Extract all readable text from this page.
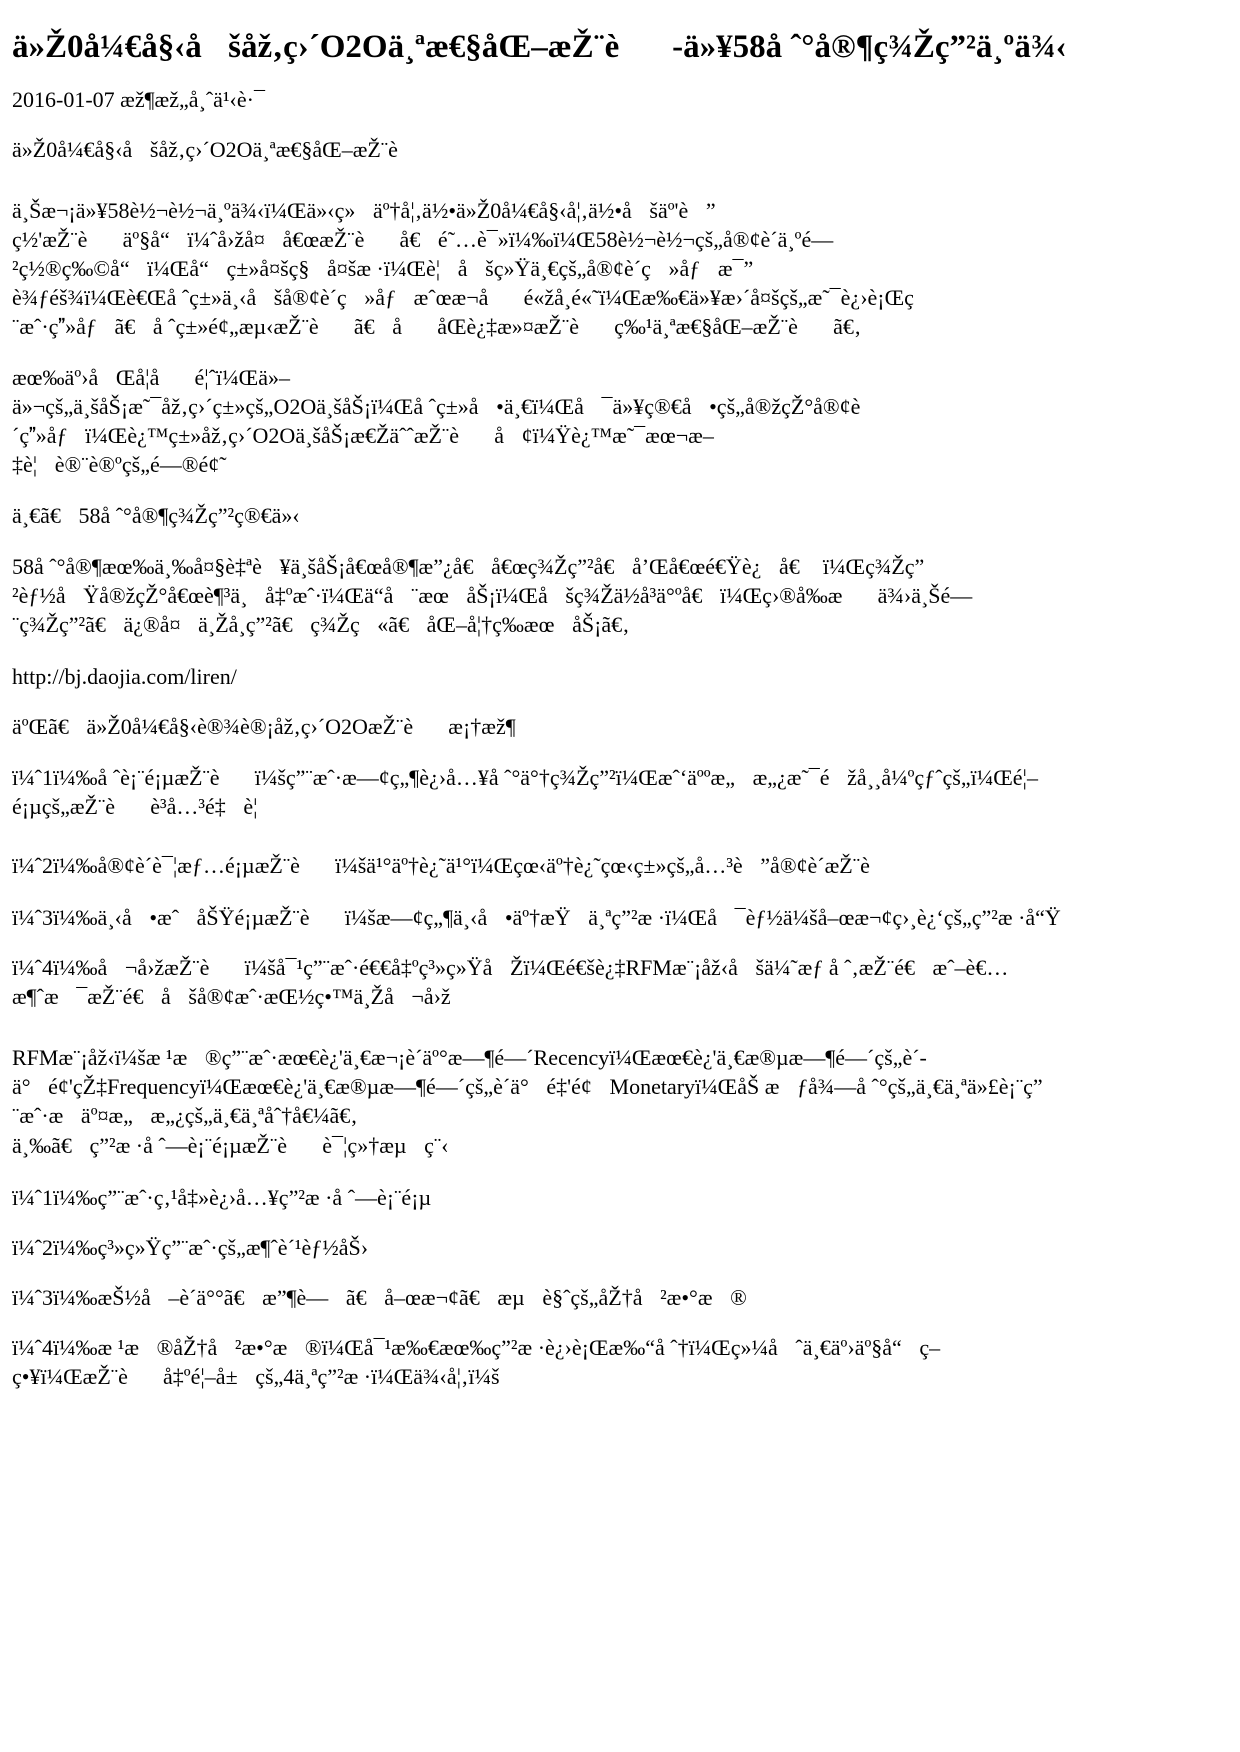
ä»Ž0å¼€å§‹åšåž‚ç›´O2Oä¸ªæ€§åŒ–æŽ¨è-ä»¥58å ˆ°å®¶ç¾Žç”²ä¸ºä¾‹
2016-01-07 æž¶æž„å¸ˆä¹‹è·¯
ä»Ž0å¼€å§‹åšåž‚ç›´O2Oä¸ªæ€§åŒ–æŽ¨è
ä¸Šæ¬¡ä»¥58è½¬è½¬ä¸ºä¾‹ï¼Œä»‹ç»äº†å¦‚ä½•ä»Ž0å¼€å§‹å¦‚ä½•åšäº'è”
ç½'æŽ¨èäº§å“ï¼ˆå›žå¤å€œæŽ¨èå€é˜…è¯»ï¼‰ï¼Œ58è½¬è½¬çš„å®¢è´ä¸ºé—
²ç½®ç‰©å“ï¼Œå“ç±»å¤šç§å¤šæ ·ï¼Œè¦åšç»Ÿä¸€çš„å®¢è´ç»åƒæ¯”
è¾ƒéš¾ï¼Œè€Œå ˆç±»ä¸‹åšå®¢è´ç»åƒæˆœæ¬åé«žå¸é«˜ï¼Œæ‰€ä»¥æ›´å¤šçš„æ˜¯è¿›è¡Œç
¨æˆ·ç»åƒã€å ˆç±»é¢„æµ‹æŽ¨èã€ååŒè¿‡æ»¤æŽ¨èç‰¹ä¸ªæ€§åŒ–æŽ¨èã€‚
æœ‰äº›åŒå¦åé¦ˆï¼Œä»–
ä»¬çš„ä¸šåŠ¡æ˜¯åž‚ç›´ç±»çš„O2Oä¸šåŠ¡ï¼Œå ˆç±»å•ä¸€ï¼Œå¯ä»¥ç®€å•çš„å®žçŽ°å®¢è
´ç»åƒï¼Œè¿™ç±»åž‚ç›´O2Oä¸šåŠ¡æ€ŽäˆˆæŽ¨èå¢ï¼Ÿè¿™æ˜¯æœ¬æ–
‡è¦è®¨è®ºçš„é—®é¢˜
ä¸€ã€58å ˆ°å®¶ç¾Žç”²ç®€ä»‹
58å ˆ°å®¶æœ‰ä¸‰å¤§è‡ªè¥ä¸šåŠ¡å€œå®¶æ”¿å€å€œç¾Žç”²å€å’Œå€œé€Ÿè¿å€ ï¼Œç¾Žç”
²èƒ½åŸå®žçŽ°å€œè¶³ä¸å‡ºæˆ·ï¼Œä“å¨æœåŠ¡ï¼Œåšç¾Žä½å³ä°ºå€ï¼Œç›®å‰æä¾›ä¸Šé—
¨ç¾Žç”²ã€ä¿®å¤ä¸Žå¸ç”²ã€ç¾Žç«ã€åŒ–å¦†ç‰æœåŠ¡ã€‚
http://bj.daojia.com/liren/
äºŒã€ä»Ž0å¼€å§‹è®¾è®¡åž‚ç›´O2OæŽ¨èæ¡†æž¶
ï¼ˆ1ï¼‰å ˆè¡¨é¡µæŽ¨èï¼šç”¨æˆ·æ—¢ç„¶è¿›å…¥å ˆ°ä°†ç¾Žç”²ï¼Œæˆ‘äººæ„æ„¿æ˜¯éžå¸¸å¼ºçƒˆçš„ï¼Œé¦–
é¡µçš„æŽ¨èè³å…³é‡è¦
ï¼ˆ2ï¼‰å®¢è´è¯¦æƒ…é¡µæŽ¨èï¼šä¹°äº†è¿˜ä¹°ï¼Œçœ‹äº†è¿˜çœ‹ç±»çš„å…³è”å®¢è´æŽ¨è
ï¼ˆ3ï¼‰ä¸‹å•æˆåŠŸé¡µæŽ¨èï¼šæ—¢ç„¶ä¸‹å•äº†æŸä¸ªç”²æ ·ï¼Œå¯èƒ½ä¼šå–œæ¬¢ç›¸è¿‘çš„ç”²æ ·å“Ÿ
ï¼ˆ4ï¼‰å¬å›žæŽ¨èï¼šå¯¹ç”¨æˆ·é€€å‡ºç³»ç»ŸåŽï¼Œé€šè¿‡RFMæ¨¡åž‹åšä¼˜æƒ å ˆ‚æŽ¨é€æˆ–è€…
æ¶ˆæ¯æŽ¨é€åšå®¢æˆ·æŒ½ç•™ä¸Žå¬å›ž
RFMæ¨¡åž‹ï¼šæ ¹æ®ç”¨æˆ·æœ€è¿'ä¸€æ¬¡è´äº°æ—¶é—´Recencyï¼Œæœ€è¿'ä¸€æ®µæ—¶é—´çš„è´-
ä°é¢'çŽ‡Frequencyï¼Œæœ€è¿'ä¸€æ®µæ—¶é—´çš„è´ä°é‡'é¢Monetaryï¼ŒåŠ æƒå¾—å ˆ°çš„ä¸€ä¸ªä»£è¡¨ç”
¨æˆ·æäº¤æ„æ„¿çš„ä¸€ä¸ªåˆ†å€¼ã€‚
ä¸‰ã€ç”²æ ·å ˆ—è¡¨é¡µæŽ¨èè¯¦ç»†æµç¨‹
ï¼ˆ1ï¼‰ç”¨æˆ·ç‚¹å‡»è¿›å…¥ç”²æ ·å ˆ—è¡¨é¡µ
ï¼ˆ2ï¼‰ç³»ç»Ÿç”¨æˆ·çš„æ¶ˆè´¹èƒ½åŠ›
ï¼ˆ3ï¼‰æŠ½å–è´ä°°ã€æ”¶è—ã€å–œæ¬¢ã€æµè§ˆçš„åŽ†å²æ•°æ®
ï¼ˆ4ï¼‰æ ¹æ®åŽ†å²æ•°æ®ï¼Œå¯¹æ‰€æœ‰ç”²æ ·è¿›è¡Œæ‰“å ˆ†ï¼Œç»¼åˆä¸€äº›äº§å“ç–
ç•¥ï¼ŒæŽ¨èå‡ºé¦–å±çš„4ä¸ªç”²æ ·ï¼Œä¾‹å¦‚ï¼š
